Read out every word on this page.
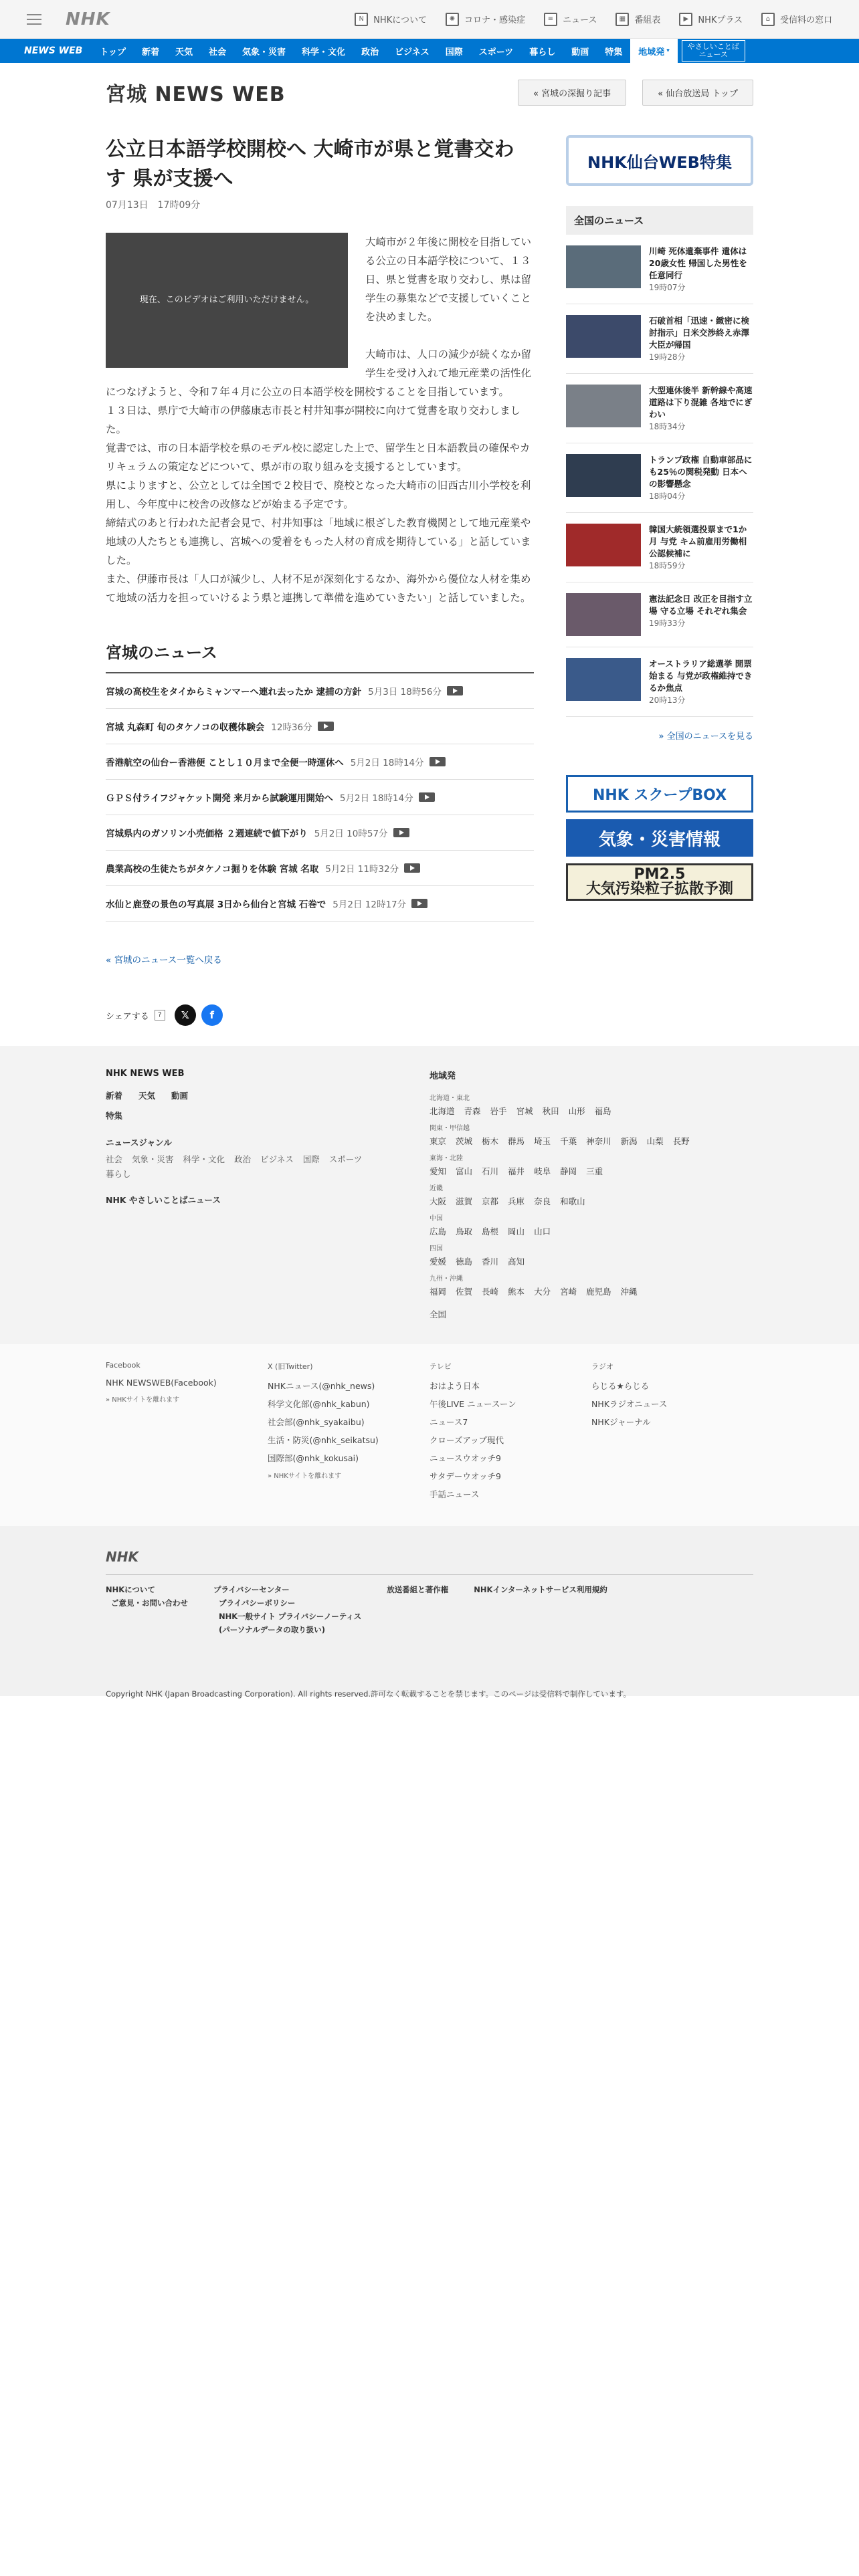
NHK	N	NHKについて	✺	コロナ・感染症	≡	ニュース	▦	番組表	▶	NHKプラス	⌂	受信料の窓口
NEWS WEB	トップ	新着	天気	社会	気象・災害	科学・文化	政治	ビジネス	国際	スポーツ	暮らし	動画	特集	地域発 ▾	やさしいことば
ニュース
宮城 NEWS WEB	« 宮城の深掘り記事	« 仙台放送局 トップ
公立日本語学校開校へ 大崎市が県と覚書交わす 県が支援へ
07月13日 17時09分
現在、このビデオはご利用いただけません。

大崎市が２年後に開校を目指している公立の日本語学校について、１３日、県と覚書を取り交わし、県は留学生の募集などで支援していくことを決めました。

大崎市は、人口の減少が続くなか留学生を受け入れて地元産業の活性化につなげようと、令和７年４月に公立の日本語学校を開校することを目指しています。

１３日は、県庁で大崎市の伊藤康志市長と村井知事が開校に向けて覚書を取り交わしました。

覚書では、市の日本語学校を県のモデル校に認定した上で、留学生と日本語教員の確保やカリキュラムの策定などについて、県が市の取り組みを支援するとしています。

県によりますと、公立としては全国で２校目で、廃校となった大崎市の旧西古川小学校を利用し、今年度中に校舎の改修などが始まる予定です。

締結式のあと行われた記者会見で、村井知事は「地域に根ざした教育機関として地元産業や地域の人たちとも連携し、宮城への愛着をもった人材の育成を期待している」と話していました。

また、伊藤市長は「人口が減少し、人材不足が深刻化するなか、海外から優位な人材を集めて地域の活力を担っていけるよう県と連携して準備を進めていきたい」と話していました。

宮城のニュース
宮城の高校生をタイからミャンマーへ連れ去ったか 逮捕の方針 5月3日 18時56分
宮城 丸森町 旬のタケノコの収穫体験会 12時36分
香港航空の仙台ー香港便 ことし１０月まで全便一時運休へ 5月2日 18時14分
ＧＰＳ付ライフジャケット開発 来月から試験運用開始へ 5月2日 18時14分
宮城県内のガソリン小売価格 ２週連続で値下がり 5月2日 10時57分
農業高校の生徒たちがタケノコ掘りを体験 宮城 名取 5月2日 11時32分
水仙と鹿登の景色の写真展 3日から仙台と宮城 石巻で 5月2日 12時17分
« 宮城のニュース一覧へ戻る
シェアする	?	𝕏	f
NHK仙台WEB特集
全国のニュース
川崎 死体遺棄事件 遺体は20歳女性 帰国した男性を任意同行
19時07分
石破首相「迅速・緻密に検討指示」日米交渉終え赤澤大臣が帰国
19時28分
大型連休後半 新幹線や高速道路は下り混雑 各地でにぎわい
18時34分
トランプ政権 自動車部品にも25％の関税発動 日本への影響懸念
18時04分
韓国大統領選投票まで1か月 与党 キム前雇用労働相 公認候補に
18時59分
憲法記念日 改正を目指す立場 守る立場 それぞれ集会
19時33分
オーストラリア総選挙 開票始まる 与党が政権維持できるか焦点
20時13分
» 全国のニュースを見る
NHK スクープBOX
気象・災害情報
PM2.5
大気汚染粒子拡散予測
NHK NEWS WEB
新着 天気 動画
特集
ニュースジャンル
社会 気象・災害 科学・文化 政治 ビジネス 国際 スポーツ
暮らし
NHK やさしいことばニュース
地域発
北海道・東北
北海道 青森 岩手 宮城 秋田 山形 福島
関東・甲信越
東京 茨城 栃木 群馬 埼玉 千葉 神奈川 新潟 山梨 長野
東海・北陸
愛知 富山 石川 福井 岐阜 静岡 三重
近畿
大阪 滋賀 京都 兵庫 奈良 和歌山
中国
広島 鳥取 島根 岡山 山口
四国
愛媛 徳島 香川 高知
九州・沖縄
福岡 佐賀 長崎 熊本 大分 宮崎 鹿児島 沖縄
全国
Facebook
NHK NEWSWEB(Facebook)
» NHKサイトを離れます
X (旧Twitter)
NHKニュース(@nhk_news)
科学文化部(@nhk_kabun)
社会部(@nhk_syakaibu)
生活・防災(@nhk_seikatsu)
国際部(@nhk_kokusai)
» NHKサイトを離れます
テレビ
おはよう日本
午後LIVE ニュースーン
ニュース7
クローズアップ現代
ニュースウオッチ9
サタデーウオッチ9
手話ニュース
ラジオ
らじる★らじる
NHKラジオニュース
NHKジャーナル
NHK
NHKについて
ご意見・お問い合わせ
プライバシーセンター
プライバシーポリシー
NHK一般サイト プライバシーノーティス
(パーソナルデータの取り扱い)
放送番組と著作権	NHKインターネットサービス利用規約
Copyright NHK (Japan Broadcasting Corporation). All rights reserved.許可なく転載することを禁じます。このページは受信料で制作しています。
